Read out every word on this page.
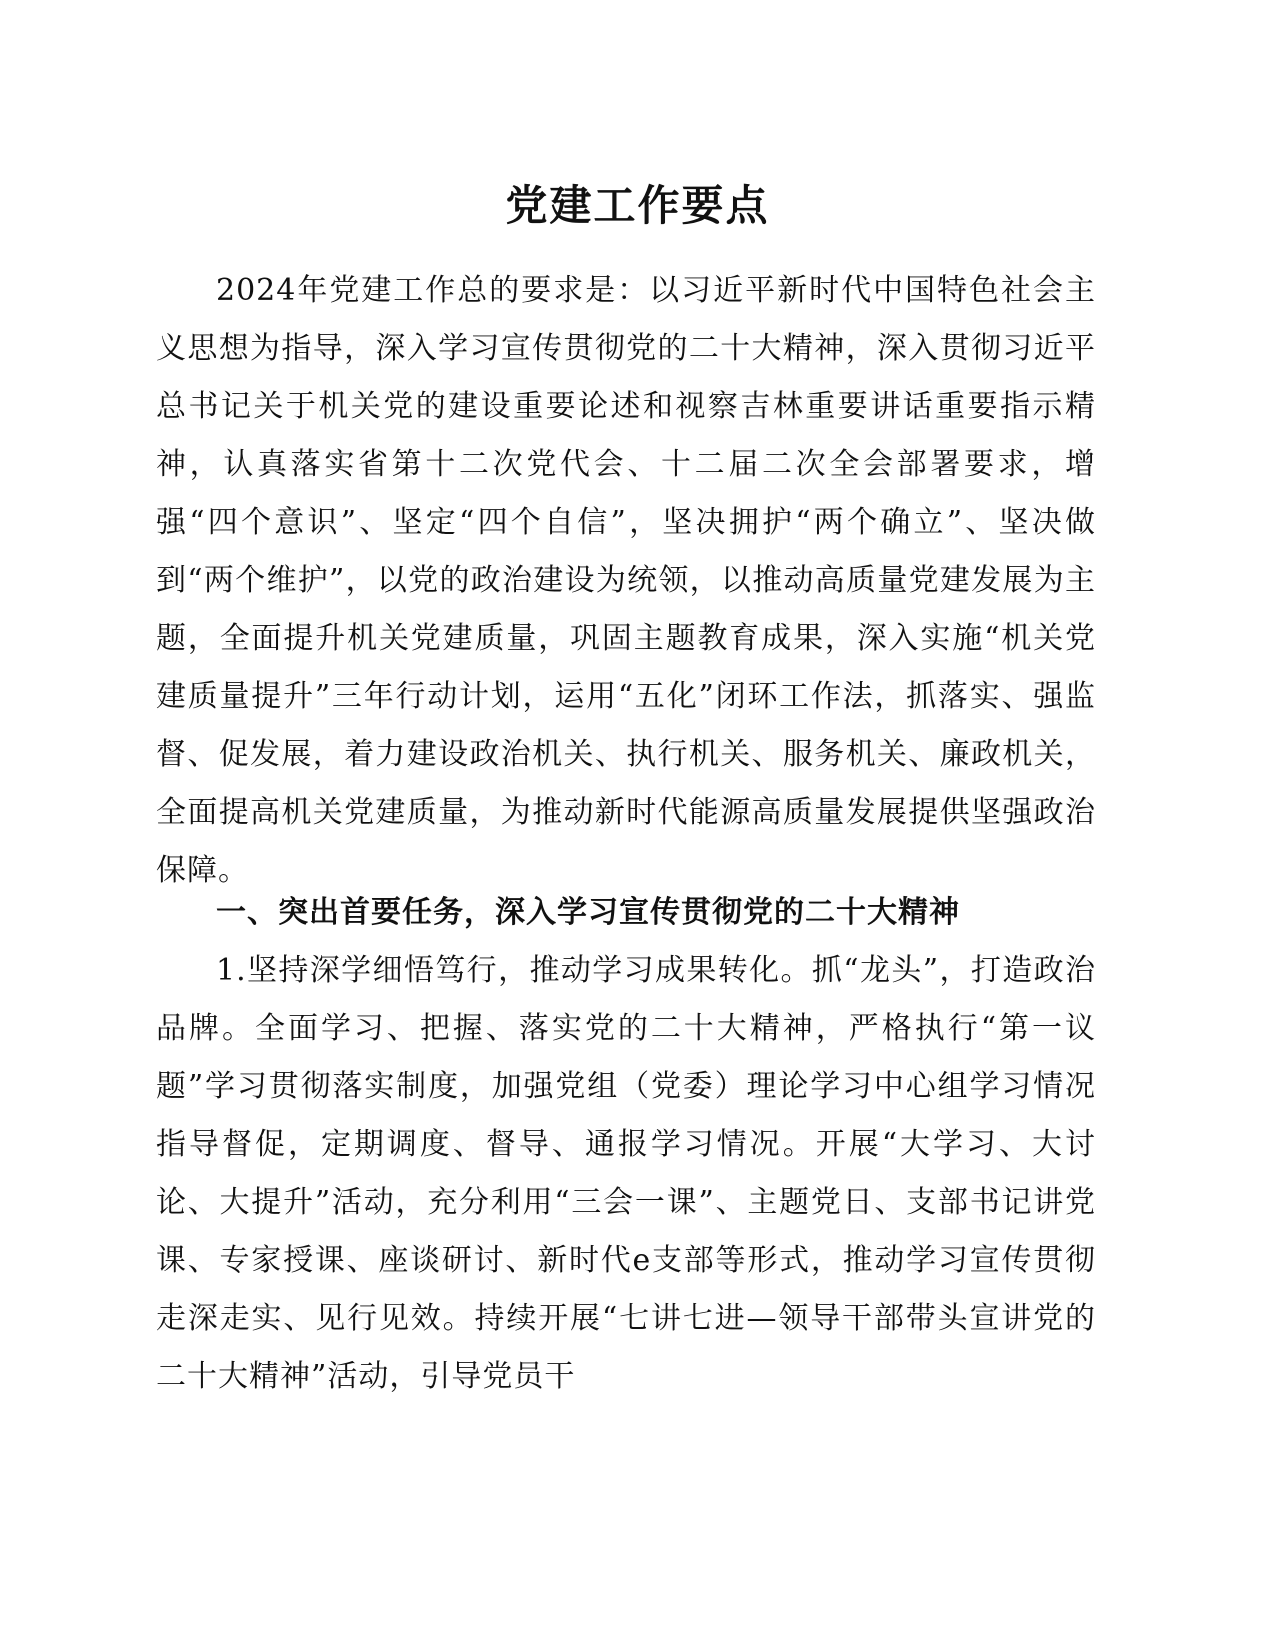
党建工作要点
2024年党建工作总的要求是：以习近平新时代中国特色社会主义思想为指导，深入学习宣传贯彻党的二十大精神，深入贯彻习近平总书记关于机关党的建设重要论述和视察吉林重要讲话重要指示精神，认真落实省第十二次党代会、十二届二次全会部署要求，增强“四个意识”、坚定“四个自信”，坚决拥护“两个确立”、坚决做到“两个维护”，以党的政治建设为统领，以推动高质量党建发展为主题，全面提升机关党建质量，巩固主题教育成果，深入实施“机关党建质量提升”三年行动计划，运用“五化”闭环工作法，抓落实、强监督、促发展，着力建设政治机关、执行机关、服务机关、廉政机关，全面提高机关党建质量，为推动新时代能源高质量发展提供坚强政治保障。
一、突出首要任务，深入学习宣传贯彻党的二十大精神
1.坚持深学细悟笃行，推动学习成果转化。抓“龙头”，打造政治品牌。全面学习、把握、落实党的二十大精神，严格执行“第一议题”学习贯彻落实制度，加强党组（党委）理论学习中心组学习情况指导督促，定期调度、督导、通报学习情况。开展“大学习、大讨论、大提升”活动，充分利用“三会一课”、主题党日、支部书记讲党课、专家授课、座谈研讨、新时代e支部等形式，推动学习宣传贯彻走深走实、见行见效。持续开展“七讲七进—领导干部带头宣讲党的二十大精神”活动，引导党员干
